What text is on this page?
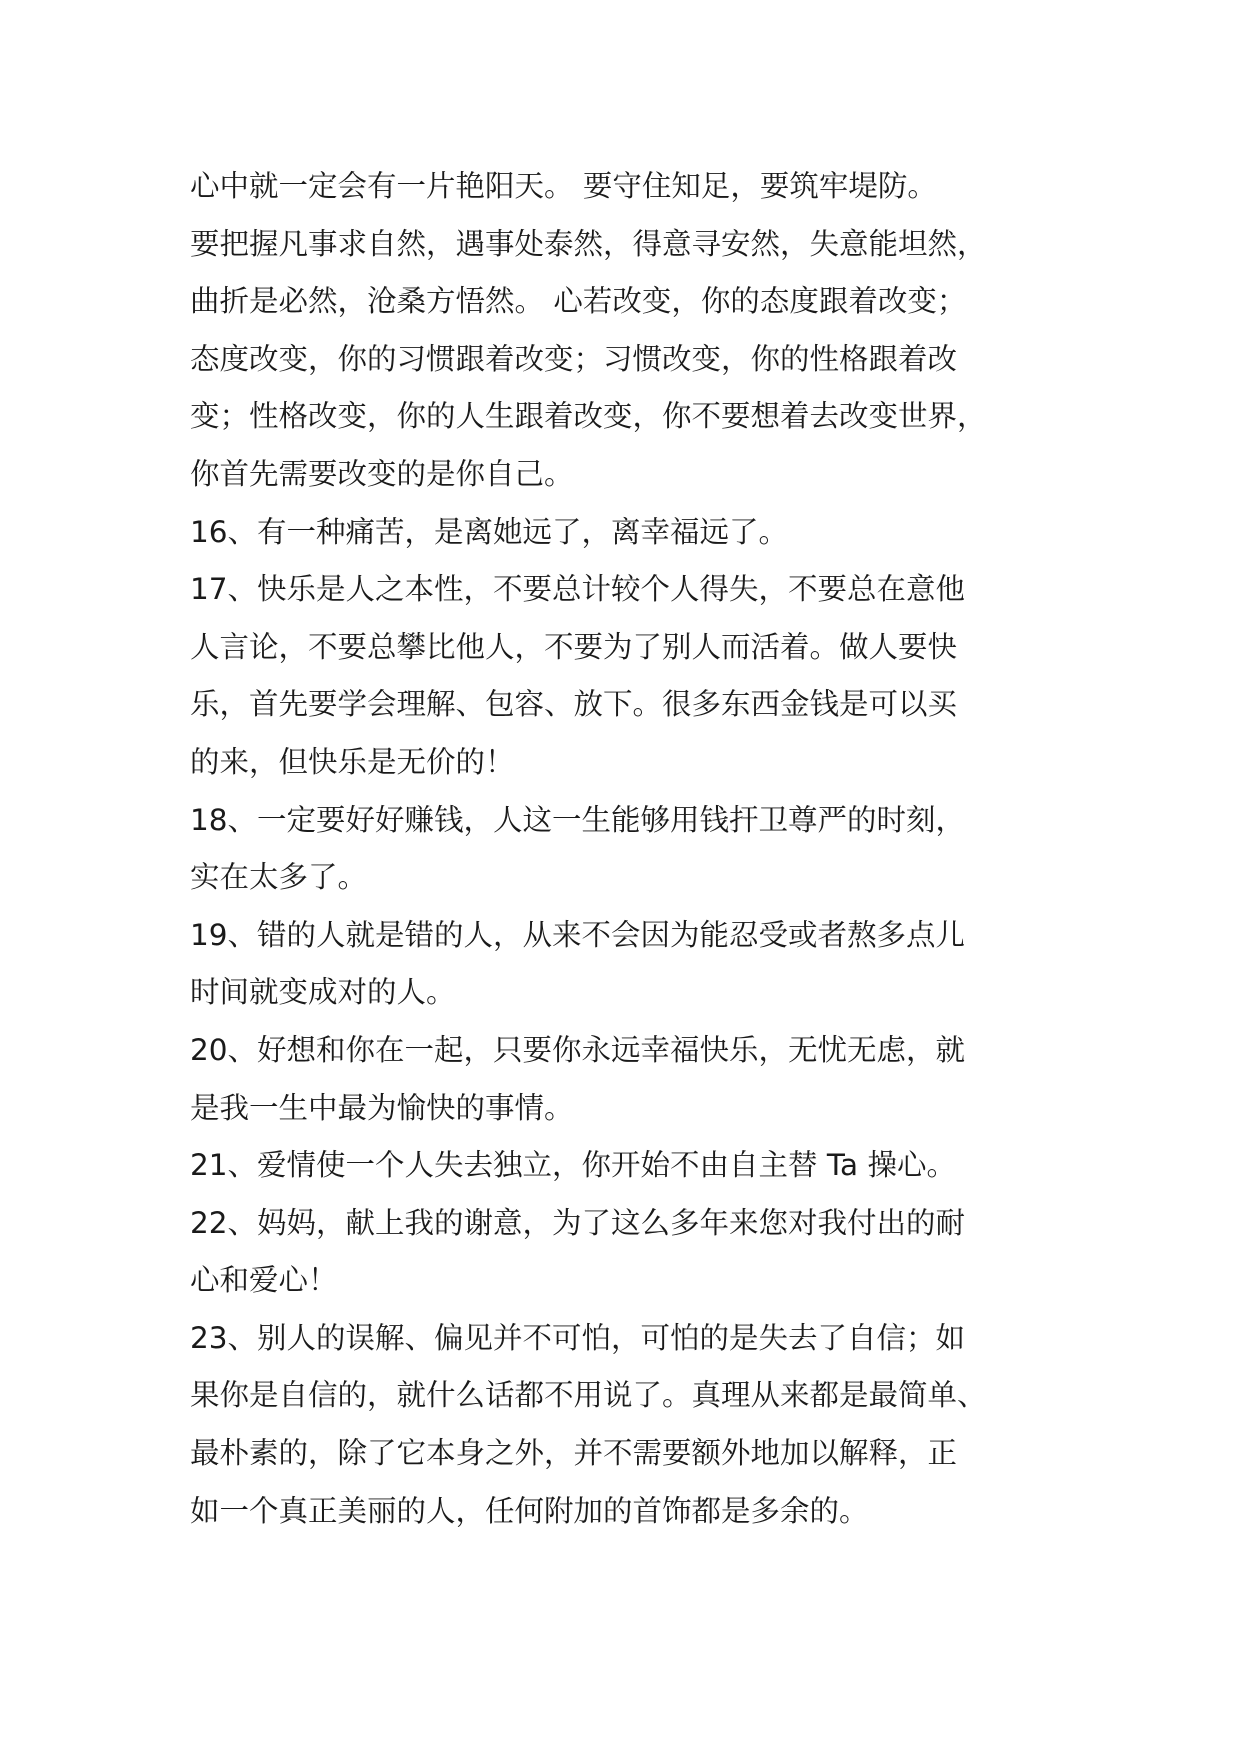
心中就一定会有一片艳阳天。 要守住知足，要筑牢堤防。
要把握凡事求自然，遇事处泰然，得意寻安然，失意能坦然，
曲折是必然，沧桑方悟然。 心若改变，你的态度跟着改变；
态度改变，你的习惯跟着改变；习惯改变，你的性格跟着改
变；性格改变，你的人生跟着改变，你不要想着去改变世界，
你首先需要改变的是你自己。
16、有一种痛苦，是离她远了，离幸福远了。
17、快乐是人之本性，不要总计较个人得失，不要总在意他
人言论，不要总攀比他人，不要为了别人而活着。做人要快
乐，首先要学会理解、包容、放下。很多东西金钱是可以买
的来，但快乐是无价的！
18、一定要好好赚钱，人这一生能够用钱扞卫尊严的时刻，
实在太多了。
19、错的人就是错的人，从来不会因为能忍受或者熬多点儿
时间就变成对的人。
20、好想和你在一起，只要你永远幸福快乐，无忧无虑，就
是我一生中最为愉快的事情。
21、爱情使一个人失去独立，你开始不由自主替 Ta 操心。
22、妈妈，献上我的谢意，为了这么多年来您对我付出的耐
心和爱心！
23、别人的误解、偏见并不可怕，可怕的是失去了自信；如
果你是自信的，就什么话都不用说了。真理从来都是最简单、
最朴素的，除了它本身之外，并不需要额外地加以解释，正
如一个真正美丽的人，任何附加的首饰都是多余的。
